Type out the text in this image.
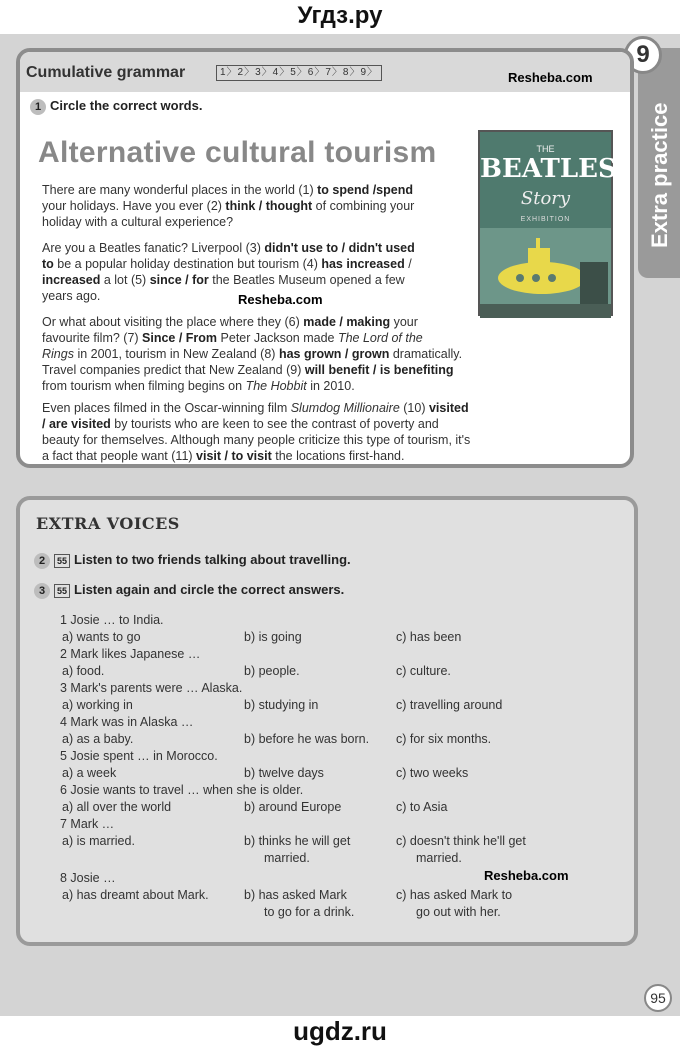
Угдз.ру
Extra practice
9
Cumulative grammar	1〉2〉3〉4〉5〉6〉7〉8〉9〉	Resheba.com
1 Circle the correct words.
Alternative cultural tourism	THE
BEATLES
Story
EXHIBITION
There are many wonderful places in the world (1) to spend /spend
your holidays. Have you ever (2) think / thought of combining your
holiday with a cultural experience?
Are you a Beatles fanatic? Liverpool (3) didn't use to / didn't used
to be a popular holiday destination but tourism (4) has increased /
increased a lot (5) since / for the Beatles Museum opened a few
years ago.	Resheba.com
Or what about visiting the place where they (6) made / making your
favourite film? (7) Since / From Peter Jackson made The Lord of the
Rings in 2001, tourism in New Zealand (8) has grown / grown dramatically.
Travel companies predict that New Zealand (9) will benefit / is benefiting
from tourism when filming begins on The Hobbit in 2010.
Even places filmed in the Oscar-winning film Slumdog Millionaire (10) visited
/ are visited by tourists who are keen to see the contrast of poverty and
beauty for themselves. Although many people criticize this type of tourism, it's
a fact that people want (11) visit / to visit the locations first-hand.
EXTRA VOICES
2 55 Listen to two friends talking about travelling.
3 55 Listen again and circle the correct answers.
1 Josie … to India.
a) wants to go	b) is going	c) has been
2 Mark likes Japanese …
a) food.	b) people.	c) culture.
3 Mark's parents were … Alaska.
a) working in	b) studying in	c) travelling around
4 Mark was in Alaska …
a) as a baby.	b) before he was born. c) for six months.
5 Josie spent … in Morocco.
a) a week	b) twelve days	c) two weeks
6 Josie wants to travel … when she is older.
a) all over the world	b) around Europe	c) to Asia
7 Mark …
a) is married.	b) thinks he will get	c) doesn't think he'll get
married.	married.
8 Josie …
a) has dreamt about Mark.	b) has asked Mark	c) has asked Mark to
to go for a drink.	go out with her.
Resheba.com
95
ugdz.ru
